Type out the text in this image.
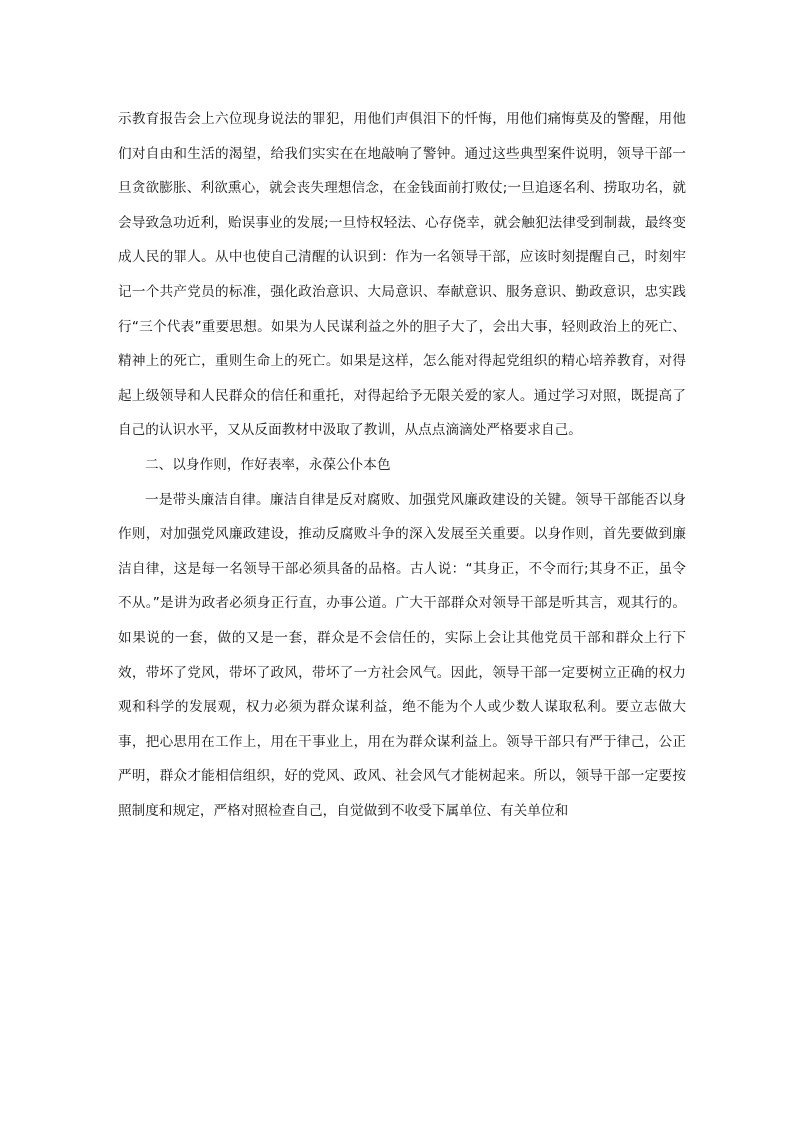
示教育报告会上六位现身说法的罪犯，用他们声俱泪下的忏悔，用他们痛悔莫及的警醒，用他们对自由和生活的渴望，给我们实实在在地敲响了警钟。通过这些典型案件说明，领导干部一旦贪欲膨胀、利欲熏心，就会丧失理想信念，在金钱面前打败仗;一旦追逐名利、捞取功名，就会导致急功近利，贻误事业的发展;一旦恃权轻法、心存侥幸，就会触犯法律受到制裁，最终变成人民的罪人。从中也使自己清醒的认识到：作为一名领导干部，应该时刻提醒自己，时刻牢记一个共产党员的标准，强化政治意识、大局意识、奉献意识、服务意识、勤政意识，忠实践行“三个代表”重要思想。如果为人民谋利益之外的胆子大了，会出大事，轻则政治上的死亡、精神上的死亡，重则生命上的死亡。如果是这样，怎么能对得起党组织的精心培养教育，对得起上级领导和人民群众的信任和重托，对得起给予无限关爱的家人。通过学习对照，既提高了自己的认识水平，又从反面教材中汲取了教训，从点点滴滴处严格要求自己。

二、以身作则，作好表率，永葆公仆本色

一是带头廉洁自律。廉洁自律是反对腐败、加强党风廉政建设的关键。领导干部能否以身作则，对加强党风廉政建设，推动反腐败斗争的深入发展至关重要。以身作则，首先要做到廉洁自律，这是每一名领导干部必须具备的品格。古人说：“其身正，不令而行;其身不正，虽令不从。”是讲为政者必须身正行直，办事公道。广大干部群众对领导干部是听其言，观其行的。如果说的一套，做的又是一套，群众是不会信任的，实际上会让其他党员干部和群众上行下效，带坏了党风，带坏了政风，带坏了一方社会风气。因此，领导干部一定要树立正确的权力观和科学的发展观，权力必须为群众谋利益，绝不能为个人或少数人谋取私利。要立志做大事，把心思用在工作上，用在干事业上，用在为群众谋利益上。领导干部只有严于律己，公正严明，群众才能相信组织，好的党风、政风、社会风气才能树起来。所以，领导干部一定要按照制度和规定，严格对照检查自己，自觉做到不收受下属单位、有关单位和
